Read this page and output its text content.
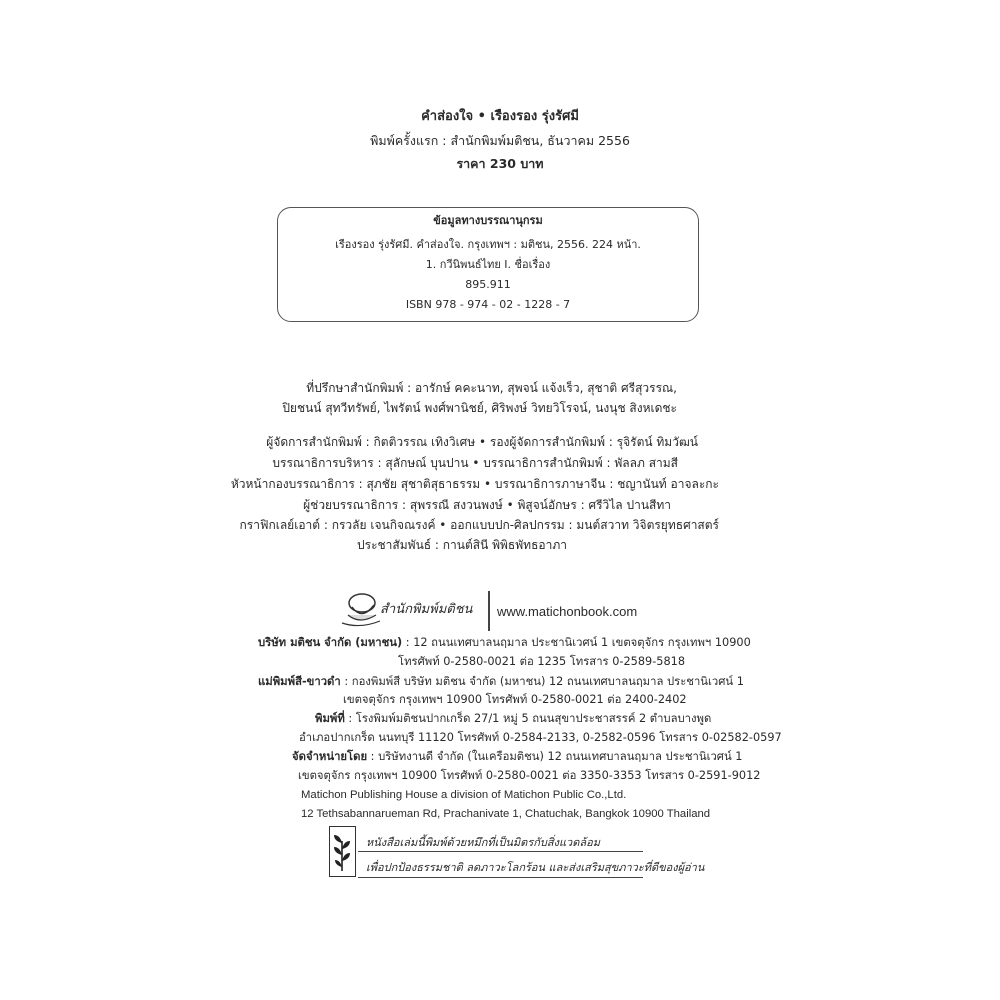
คำส่องใจ • เรืองรอง รุ่งรัศมี
พิมพ์ครั้งแรก : สำนักพิมพ์มติชน, ธันวาคม 2556
ราคา 230 บาท
ข้อมูลทางบรรณานุกรม
เรืองรอง รุ่งรัศมี. คำส่องใจ. กรุงเทพฯ : มติชน, 2556. 224 หน้า.
1. กวีนิพนธ์ไทย I. ชื่อเรื่อง
895.911
ISBN 978 - 974 - 02 - 1228 - 7
ที่ปรึกษาสำนักพิมพ์ : อารักษ์ คคะนาท, สุพจน์ แจ้งเร็ว, สุชาติ ศรีสุวรรณ,
ปิยชนน์ สุทวีทรัพย์, ไพรัตน์ พงศ์พานิชย์, ศิริพงษ์ วิทยวิโรจน์, นงนุช สิงหเดชะ
ผู้จัดการสำนักพิมพ์ : กิตติวรรณ เทิงวิเศษ • รองผู้จัดการสำนักพิมพ์ : รุจิรัตน์ ทิมวัฒน์
บรรณาธิการบริหาร : สุลักษณ์ บุนปาน • บรรณาธิการสำนักพิมพ์ : พัลลภ สามสี
หัวหน้ากองบรรณาธิการ : สุภชัย สุชาติสุธาธรรม • บรรณาธิการภาษาจีน : ชญานันท์ อาจละกะ
ผู้ช่วยบรรณาธิการ : สุพรรณี สงวนพงษ์ • พิสูจน์อักษร : ศรีวิไล ปานสีทา
กราฟิกเลย์เอาต์ : กรวลัย เจนกิจณรงค์ • ออกแบบปก-ศิลปกรรม : มนต์สวาท วิจิตรยุทธศาสตร์
ประชาสัมพันธ์ : กานต์สินี พิพิธพัทธอาภา
สำนักพิมพ์มติชน	www.matichonbook.com
บริษัท มติชน จำกัด (มหาชน) : 12 ถนนเทศบาลนฤมาล ประชานิเวศน์ 1 เขตจตุจักร กรุงเทพฯ 10900
โทรศัพท์ 0-2580-0021 ต่อ 1235 โทรสาร 0-2589-5818
แม่พิมพ์สี-ขาวดำ : กองพิมพ์สี บริษัท มติชน จำกัด (มหาชน) 12 ถนนเทศบาลนฤมาล ประชานิเวศน์ 1
เขตจตุจักร กรุงเทพฯ 10900 โทรศัพท์ 0-2580-0021 ต่อ 2400-2402
พิมพ์ที่ : โรงพิมพ์มติชนปากเกร็ด 27/1 หมู่ 5 ถนนสุขาประชาสรรค์ 2 ตำบลบางพูด
อำเภอปากเกร็ด นนทบุรี 11120 โทรศัพท์ 0-2584-2133, 0-2582-0596 โทรสาร 0-02582-0597
จัดจำหน่ายโดย : บริษัทงานดี จำกัด (ในเครือมติชน) 12 ถนนเทศบาลนฤมาล ประชานิเวศน์ 1
เขตจตุจักร กรุงเทพฯ 10900 โทรศัพท์ 0-2580-0021 ต่อ 3350-3353 โทรสาร 0-2591-9012
Matichon Publishing House a division of Matichon Public Co.,Ltd.
12 Tethsabannarueman Rd, Prachanivate 1, Chatuchak, Bangkok 10900 Thailand
หนังสือเล่มนี้พิมพ์ด้วยหมึกที่เป็นมิตรกับสิ่งแวดล้อม
เพื่อปกป้องธรรมชาติ ลดภาวะโลกร้อน และส่งเสริมสุขภาวะที่ดีของผู้อ่าน
